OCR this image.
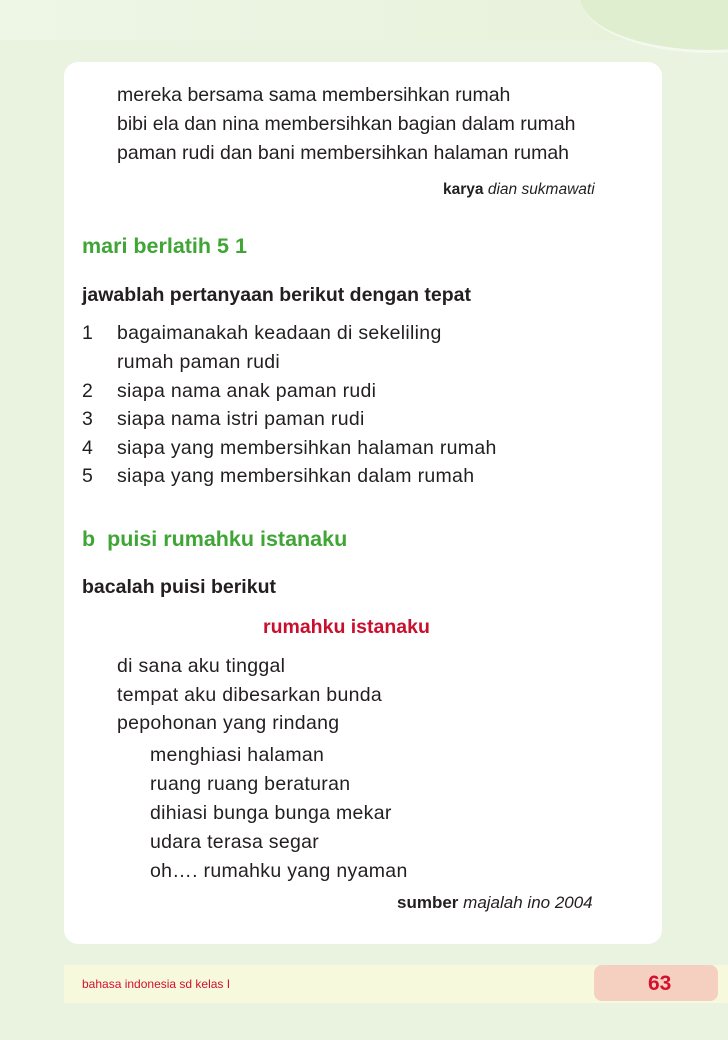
mereka bersama sama membersihkan rumah
bibi ela dan nina membersihkan bagian dalam rumah
paman rudi dan bani membersihkan halaman rumah
karya dian sukmawati
mari berlatih 5 1
jawablah pertanyaan berikut dengan tepat
1 bagaimanakah keadaan di sekeliling
rumah paman rudi
2 siapa nama anak paman rudi
3 siapa nama istri paman rudi
4 siapa yang membersihkan halaman rumah
5 siapa yang membersihkan dalam rumah
b  puisi rumahku istanaku
bacalah puisi berikut
rumahku istanaku
di sana aku tinggal
tempat aku dibesarkan bunda
pepohonan yang rindang
menghiasi halaman
ruang ruang beraturan
dihiasi bunga bunga mekar
udara terasa segar
oh…. rumahku yang nyaman
sumber majalah ino 2004
bahasa indonesia sd kelas I	63
